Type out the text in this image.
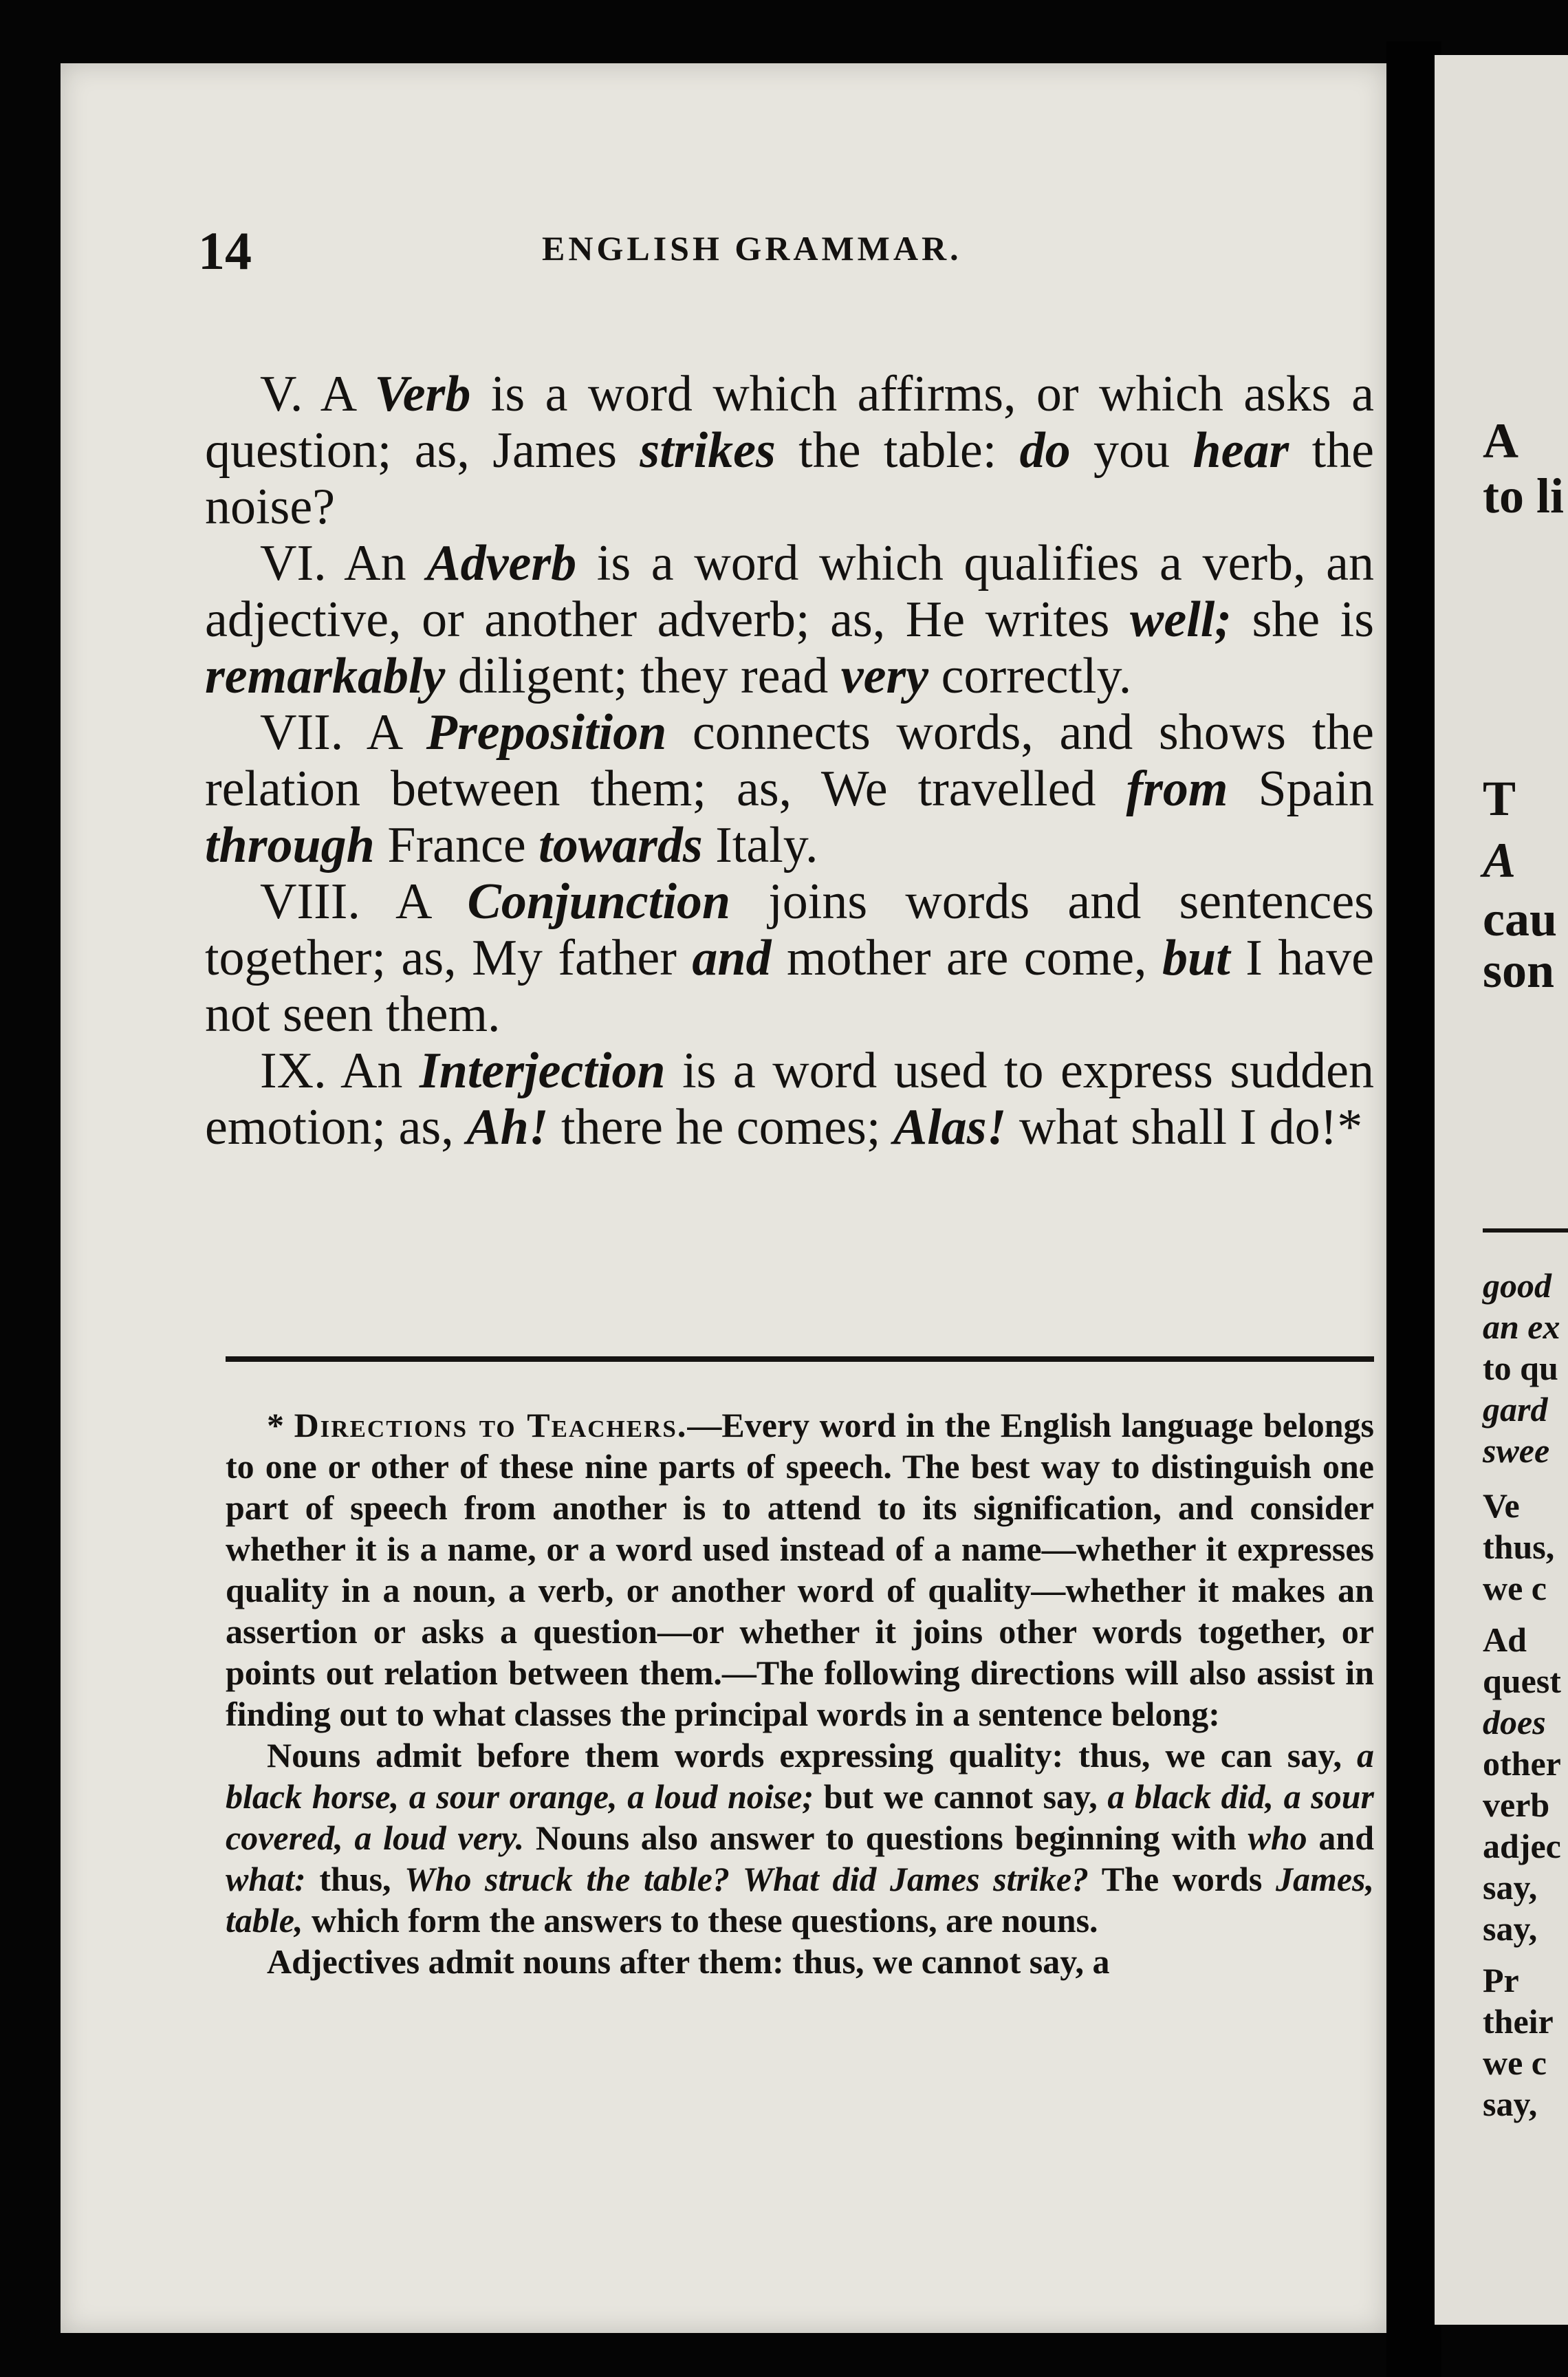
14	ENGLISH GRAMMAR.

V. A Verb is a word which affirms, or which asks a question; as, James strikes the table: do you hear the noise?

VI. An Adverb is a word which qualifies a verb, an adjective, or another adverb; as, He writes well; she is remarkably diligent; they read very correctly.

VII. A Preposition connects words, and shows the relation between them; as, We travelled from Spain through France towards Italy.

VIII. A Conjunction joins words and sentences together; as, My father and mother are come, but I have not seen them.

IX. An Interjection is a word used to express sudden emotion; as, Ah! there he comes; Alas! what shall I do!*

* Directions to Teachers.—Every word in the English language belongs to one or other of these nine parts of speech. The best way to distinguish one part of speech from another is to attend to its signification, and consider whether it is a name, or a word used instead of a name—whether it expresses quality in a noun, a verb, or another word of quality—whether it makes an assertion or asks a question—or whether it joins other words together, or points out relation between them.—The following directions will also assist in finding out to what classes the principal words in a sentence belong:

Nouns admit before them words expressing quality: thus, we can say, a black horse, a sour orange, a loud noise; but we cannot say, a black did, a sour covered, a loud very. Nouns also answer to questions beginning with who and what: thus, Who struck the table? What did James strike? The words James, table, which form the answers to these questions, are nouns.

Adjectives admit nouns after them: thus, we cannot say, a

A
to li
T
A
cau
son
good
an ex
to qu
gard
swee
Ve
thus,
we c
Ad
quest
does
other
verb
adjec
say,
say,
Pr
their
we c
say,
